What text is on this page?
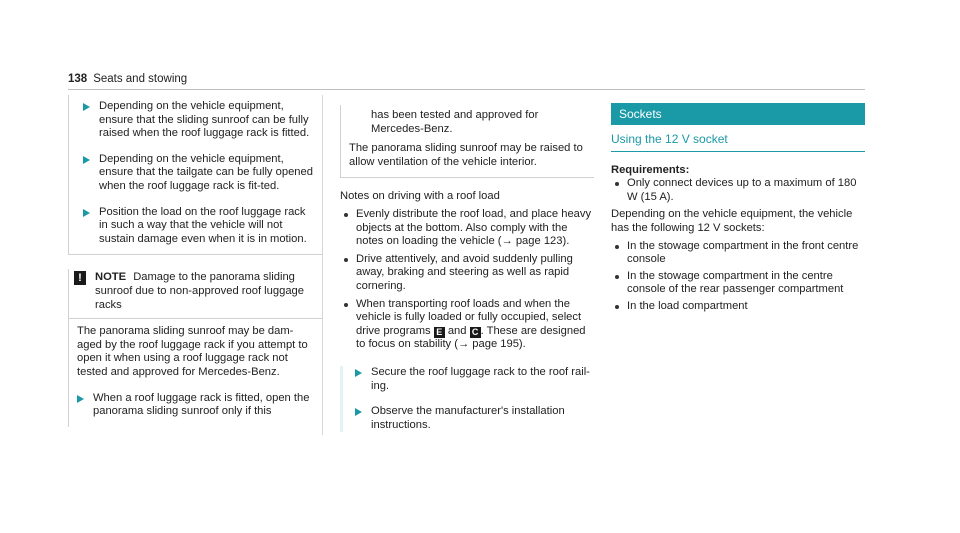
138 Seats and stowing
Depending on the vehicle equipment, ensure that the sliding sunroof can be fully raised when the roof luggage rack is fitted.
Depending on the vehicle equipment, ensure that the tailgate can be fully opened when the roof luggage rack is fit-ted.
Position the load on the roof luggage rack in such a way that the vehicle will not sustain damage even when it is in motion.
!	NOTE Damage to the panorama sliding sunroof due to non-approved roof luggage racks
The panorama sliding sunroof may be dam-aged by the roof luggage rack if you attempt to open it when using a roof luggage rack not tested and approved for Mercedes-Benz.
When a roof luggage rack is fitted, open the panorama sliding sunroof only if this

has been tested and approved for Mercedes-Benz.

The panorama sliding sunroof may be raised to allow ventilation of the vehicle interior.

Notes on driving with a roof load
Evenly distribute the roof load, and place heavy objects at the bottom. Also comply with the notes on loading the vehicle (→ page 123).
Drive attentively, and avoid suddenly pulling away, braking and steering as well as rapid cornering.
When transporting roof loads and when the vehicle is fully loaded or fully occupied, select drive programs E and C . These are designed to focus on stability (→ page 195).
Secure the roof luggage rack to the roof rail-ing.
Observe the manufacturer's installation instructions.
Sockets
Using the 12 V socket
Requirements:
Only connect devices up to a maximum of 180 W (15 A).
Depending on the vehicle equipment, the vehicle has the following 12 V sockets:
In the stowage compartment in the front centre console
In the stowage compartment in the centre console of the rear passenger compartment
In the load compartment
